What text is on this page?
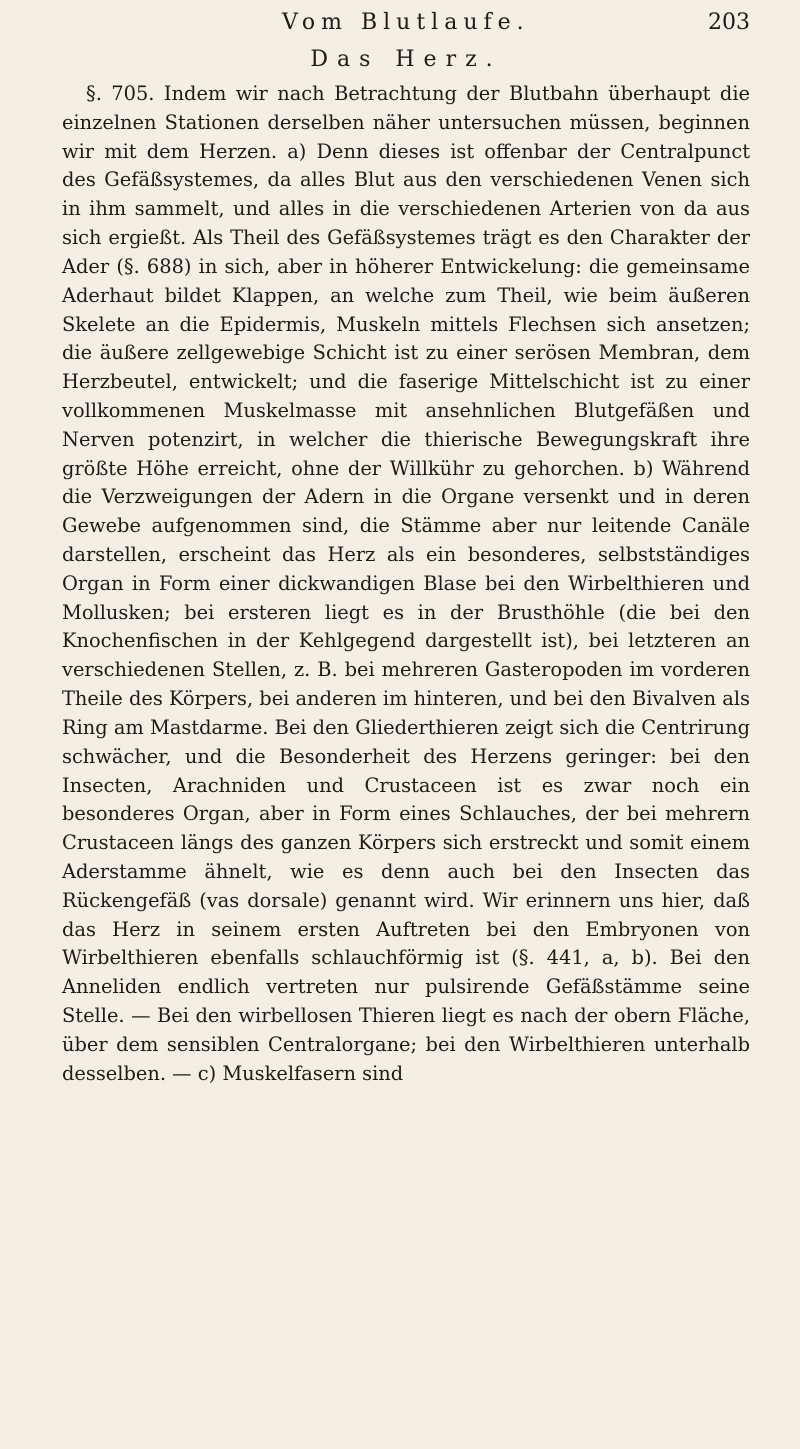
Vom Blutlaufe.	203
Das Herz.

§. 705. Indem wir nach Betrachtung der Blutbahn überhaupt die einzelnen Stationen derselben näher untersuchen müssen, beginnen wir mit dem Herzen. a) Denn dieses ist offenbar der Centralpunct des Gefäßsystemes, da alles Blut aus den verschiedenen Venen sich in ihm sammelt, und alles in die verschiedenen Arterien von da aus sich ergießt. Als Theil des Gefäßsystemes trägt es den Charakter der Ader (§. 688) in sich, aber in höherer Entwickelung: die gemeinsame Aderhaut bildet Klappen, an welche zum Theil, wie beim äußeren Skelete an die Epidermis, Muskeln mittels Flechsen sich ansetzen; die äußere zellgewebige Schicht ist zu einer serösen Membran, dem Herzbeutel, entwickelt; und die faserige Mittelschicht ist zu einer vollkommenen Muskelmasse mit ansehnlichen Blutgefäßen und Nerven potenzirt, in welcher die thierische Bewegungskraft ihre größte Höhe erreicht, ohne der Willkühr zu gehorchen. b) Während die Verzweigungen der Adern in die Organe versenkt und in deren Gewebe aufgenommen sind, die Stämme aber nur leitende Canäle darstellen, erscheint das Herz als ein besonderes, selbstständiges Organ in Form einer dickwandigen Blase bei den Wirbelthieren und Mollusken; bei ersteren liegt es in der Brusthöhle (die bei den Knochenfischen in der Kehlgegend dargestellt ist), bei letzteren an verschiedenen Stellen, z. B. bei mehreren Gasteropoden im vorderen Theile des Körpers, bei anderen im hinteren, und bei den Bivalven als Ring am Mastdarme. Bei den Gliederthieren zeigt sich die Centrirung schwächer, und die Besonderheit des Herzens geringer: bei den Insecten, Arachniden und Crustaceen ist es zwar noch ein besonderes Organ, aber in Form eines Schlauches, der bei mehrern Crustaceen längs des ganzen Körpers sich erstreckt und somit einem Aderstamme ähnelt, wie es denn auch bei den Insecten das Rückengefäß (vas dorsale) genannt wird. Wir erinnern uns hier, daß das Herz in seinem ersten Auftreten bei den Embryonen von Wirbelthieren ebenfalls schlauchförmig ist (§. 441, a, b). Bei den Anneliden endlich vertreten nur pulsirende Gefäßstämme seine Stelle. — Bei den wirbellosen Thieren liegt es nach der obern Fläche, über dem sensiblen Centralorgane; bei den Wirbelthieren unterhalb desselben. — c) Muskelfasern sind
